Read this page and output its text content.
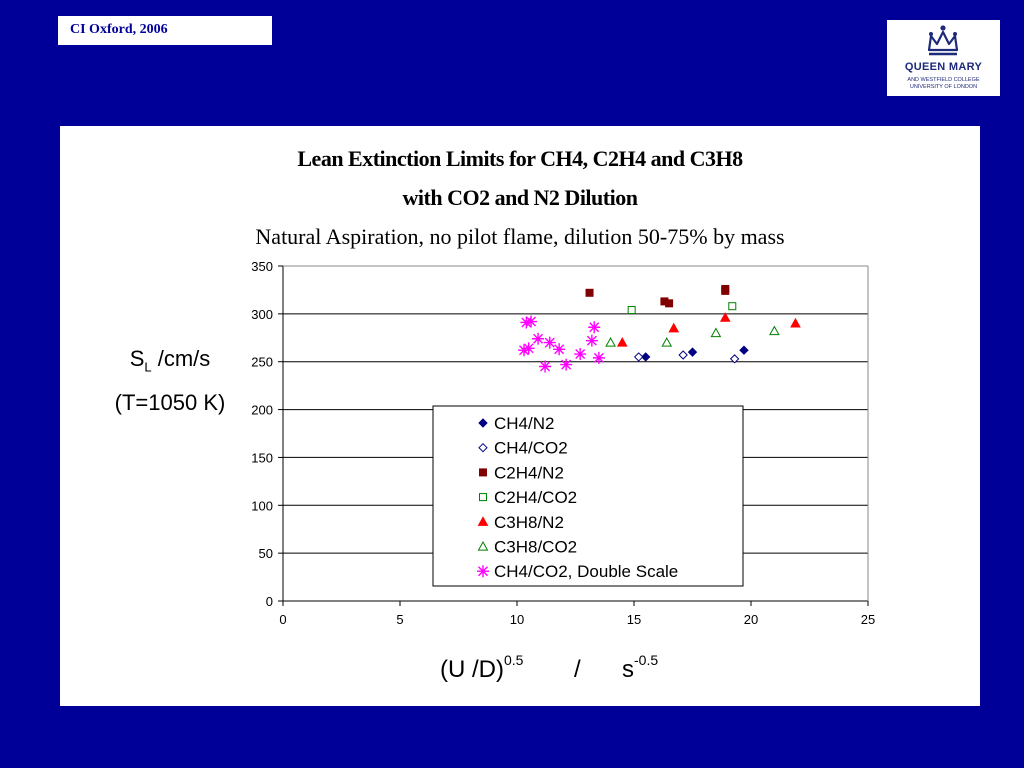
CI Oxford, 2006
QUEEN MARY
AND WESTFIELD COLLEGE
UNIVERSITY OF LONDON
Lean Extinction Limits for CH4, C2H4 and C3H8
with CO2 and N2 Dilution
Natural Aspiration, no pilot flame, dilution 50-75% by mass
$S_L$ /cm/s
(T=1050 K)
(U $/D)^{0.5} / s^{-0.5}$
0
50
100
150
200
250
300
350
0	5	10	15	20	25
CH4/N2
CH4/CO2
C2H4/N2
C2H4/CO2
C3H8/N2
C3H8/CO2
CH4/CO2, Double Scale
